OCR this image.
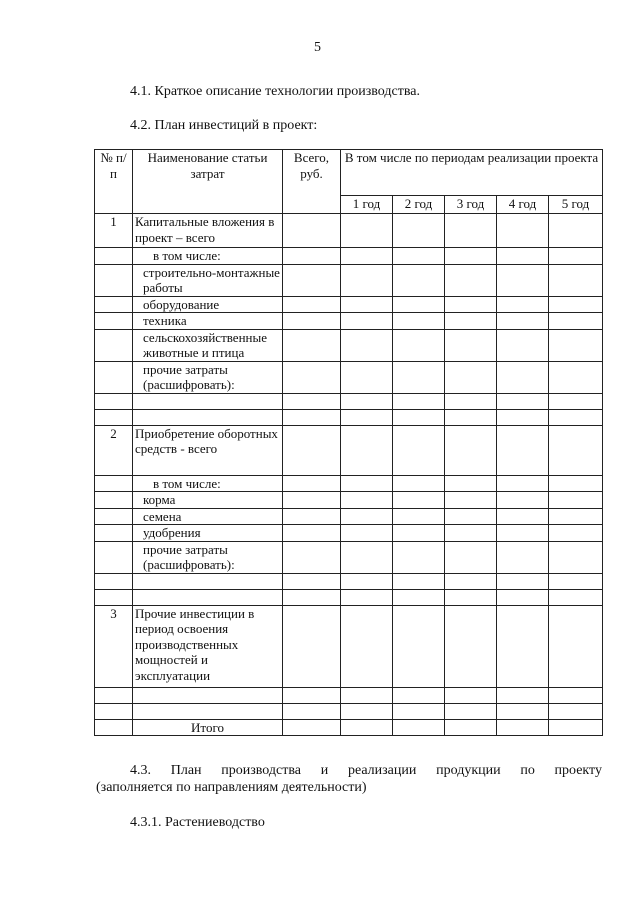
5
4.1. Краткое описание технологии производства.
4.2. План инвестиций в проект:
№ п/п	Наименование статьи затрат	Всего, руб.	В том числе по периодам реализации проекта				
			1 год	2 год	3 год	4 год	5 год
1	Капитальные вложения в проект – всего						
	в том числе:						
	строительно-монтажные работы						
	оборудование						
	техника						
	сельскохозяйственные животные и птица						
	прочие затраты (расшифровать):						

2	Приобретение оборотных средств - всего						
	в том числе:						
	корма						
	семена						
	удобрения						
	прочие затраты (расшифровать):						

3	Прочие инвестиции в период освоения производственных мощностей и эксплуатации						

	Итого						
4.3. План производства и реализации продукции по проекту
(заполняется по направлениям деятельности)
4.3.1. Растениеводство
